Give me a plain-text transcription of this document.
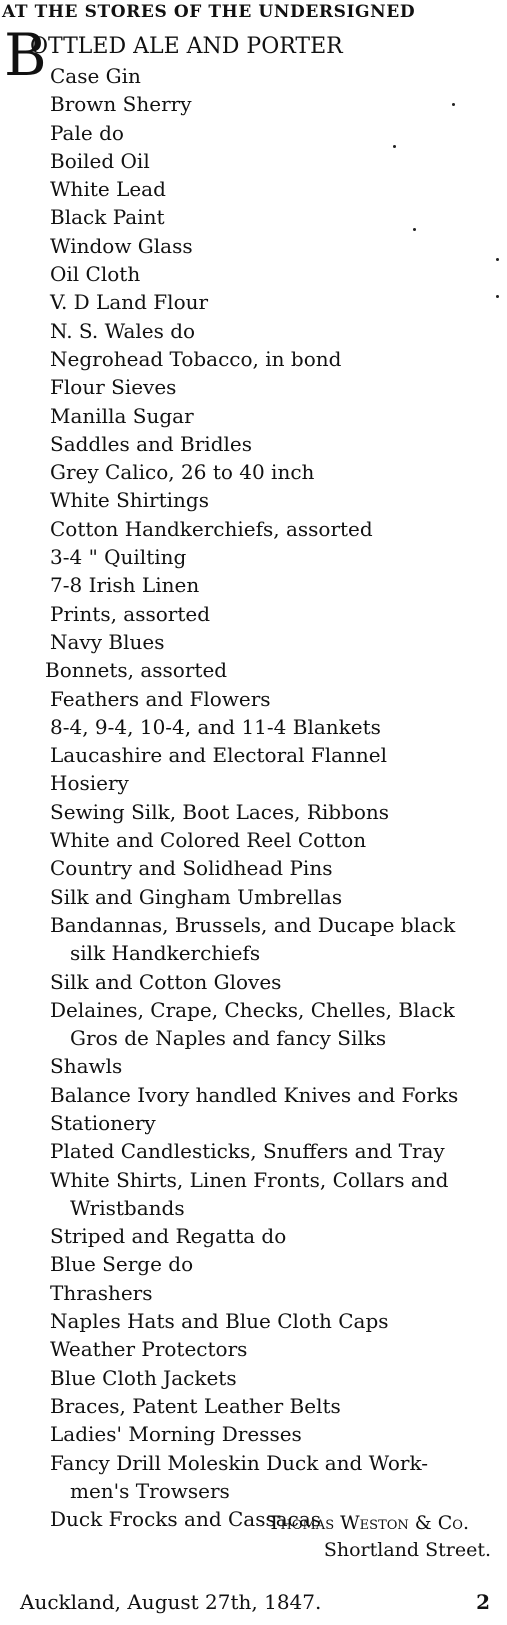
AT THE STORES OF THE UNDERSIGNED
B
OTTLED ALE AND PORTER
Case Gin
Brown Sherry
Pale do
Boiled Oil
White Lead
Black Paint
Window Glass
Oil Cloth
V. D Land Flour
N. S. Wales do
Negrohead Tobacco, in bond
Flour Sieves
Manilla Sugar
Saddles and Bridles
Grey Calico, 26 to 40 inch
White Shirtings
Cotton Handkerchiefs, assorted
3-4 " Quilting
7-8 Irish Linen
Prints, assorted
Navy Blues
Bonnets, assorted
Feathers and Flowers
8-4, 9-4, 10-4, and 11-4 Blankets
Laucashire and Electoral Flannel
Hosiery
Sewing Silk, Boot Laces, Ribbons
White and Colored Reel Cotton
Country and Solidhead Pins
Silk and Gingham Umbrellas
Bandannas, Brussels, and Ducape black
silk Handkerchiefs
Silk and Cotton Gloves
Delaines, Crape, Checks, Chelles, Black
Gros de Naples and fancy Silks
Shawls
Balance Ivory handled Knives and Forks
Stationery
Plated Candlesticks, Snuffers and Tray
White Shirts, Linen Fronts, Collars and
Wristbands
Striped and Regatta do
Blue Serge do
Thrashers
Naples Hats and Blue Cloth Caps
Weather Protectors
Blue Cloth Jackets
Braces, Patent Leather Belts
Ladies' Morning Dresses
Fancy Drill Moleskin Duck and Work-
men's Trowsers
Duck Frocks and Cassacas
Thomas Weston & Co.
Shortland Street.
Auckland, August 27th, 1847.	2
